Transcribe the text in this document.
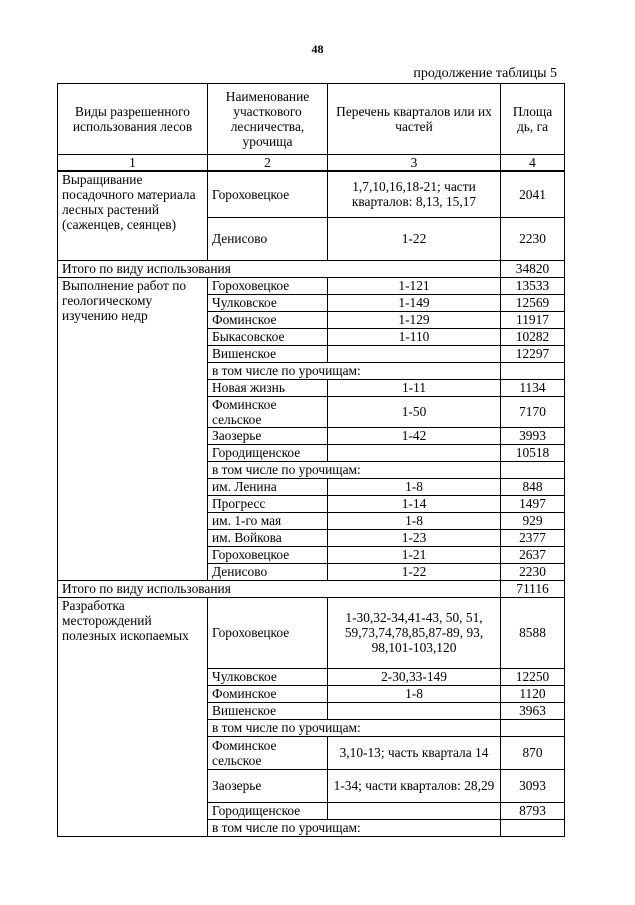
48
продолжение таблицы 5
Виды разрешенного использования лесов	Наименование участкового лесничества, урочища	Перечень кварталов или их частей	Площа дь, га
1	2	3	4
Выращивание посадочного материала лесных растений (саженцев, сеянцев)	Гороховецкое	1,7,10,16,18-21; части кварталов: 8,13, 15,17	2041
	Денисово	1-22	2230
Итого по виду использования			34820
Выполнение работ по геологическому изучению недр	Гороховецкое	1-121	13533
	Чулковское	1-149	12569
	Фоминское	1-129	11917
	Быкасовское	1-110	10282
	Вишенское		12297
	в том числе по урочищам:		
	Новая жизнь	1-11	1134
	Фоминское сельское	1-50	7170
	Заозерье	1-42	3993
	Городищенское		10518
	в том числе по урочищам:		
	им. Ленина	1-8	848
	Прогресс	1-14	1497
	им. 1-го мая	1-8	929
	им. Войкова	1-23	2377
	Гороховецкое	1-21	2637
	Денисово	1-22	2230
Итого по виду использования			71116
Разработка месторождений полезных ископаемых	Гороховецкое	1-30,32-34,41-43, 50, 51, 59,73,74,78,85,87-89, 93, 98,101-103,120	8588
	Чулковское	2-30,33-149	12250
	Фоминское	1-8	1120
	Вишенское		3963
	в том числе по урочищам:		
	Фоминское сельское	3,10-13; часть квартала 14	870
	Заозерье	1-34; части кварталов: 28,29	3093
	Городищенское		8793
	в том числе по урочищам:		
